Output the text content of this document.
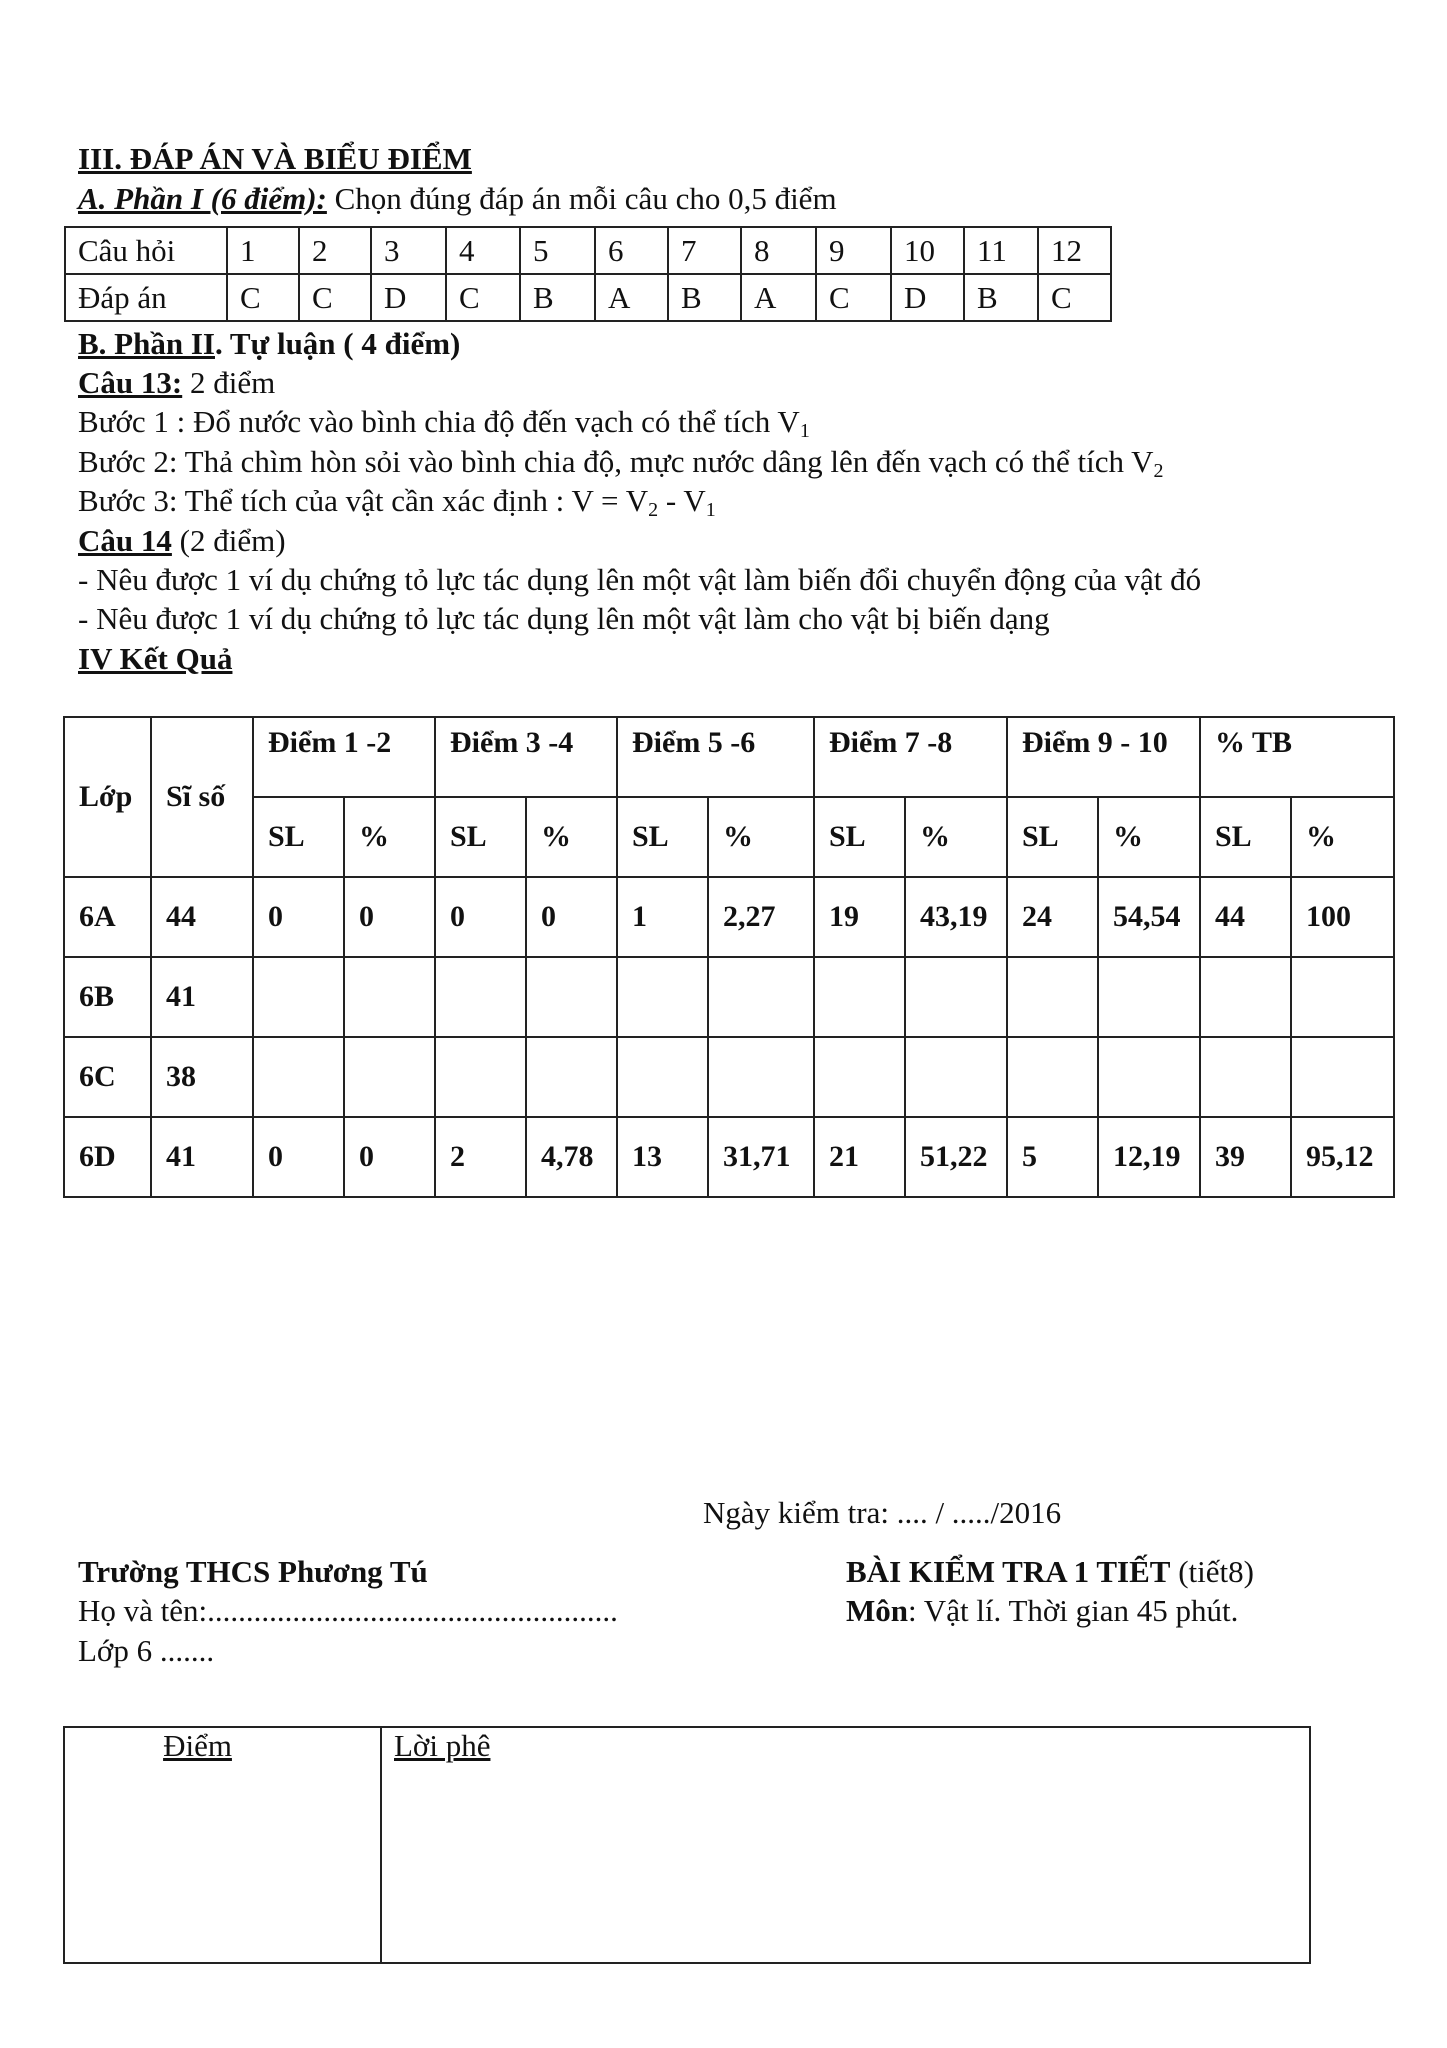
III. ĐÁP ÁN VÀ BIỂU ĐIỂM
A. Phần I (6 điểm): Chọn đúng đáp án mỗi câu cho 0,5 điểm
Câu hỏi	1	2	3	4	5	6	7	8	9	10	11	12
Đáp án	C	C	D	C	B	A	B	A	C	D	B	C
B. Phần II. Tự luận ( 4 điểm)
Câu 13: 2 điểm
Bước 1 : Đổ nước vào bình chia độ đến vạch có thể tích $V_1$
Bước 2: Thả chìm hòn sỏi vào bình chia độ, mực nước dâng lên đến vạch có thể tích $V_2$
Bước 3: Thể tích của vật cần xác định : $V = V_2 - V_1$
Câu 14 (2 điểm)
- Nêu được 1 ví dụ chứng tỏ lực tác dụng lên một vật làm biến đổi chuyển động của vật đó
- Nêu được 1 ví dụ chứng tỏ lực tác dụng lên một vật làm cho vật bị biến dạng
IV Kết Quả
Lớp	Sĩ số	Điểm 1 -2		Điểm 3 -4		Điểm 5 -6		Điểm 7 -8		Điểm 9 - 10		% TB	
		SL	%	SL	%	SL	%	SL	%	SL	%	SL	%
6A	44	0	0	0	0	1	2,27	19	43,19	24	54,54	44	100
6B	41												
6C	38												
6D	41	0	0	2	4,78	13	31,71	21	51,22	5	12,19	39	95,12
Ngày kiểm tra: .... / ...../2016
Trường THCS Phương Tú
Họ và tên:.....................................................
Lớp 6 .......
BÀI KIỂM TRA 1 TIẾT (tiết8)
Môn: Vật lí. Thời gian 45 phút.
Điểm	Lời phê
